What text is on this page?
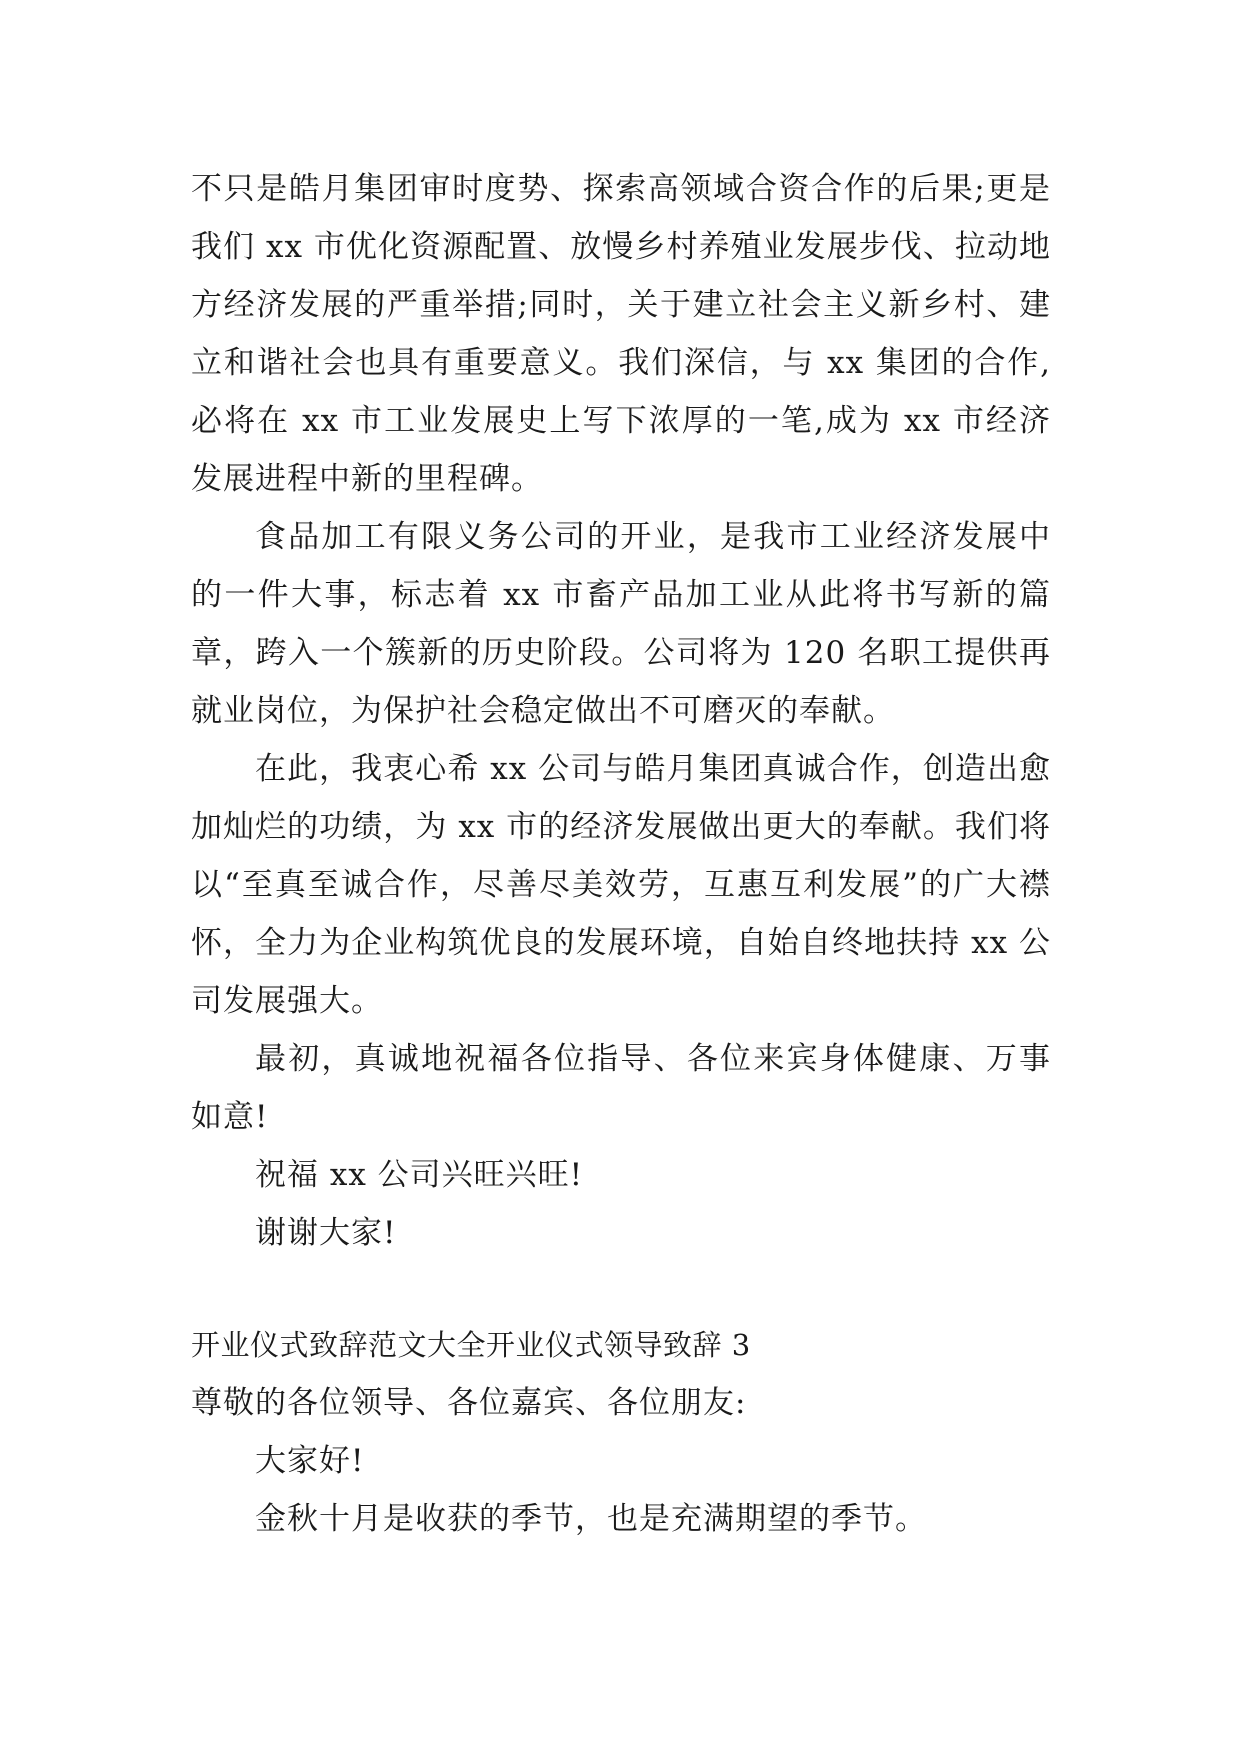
不只是皓月集团审时度势、探索高领域合资合作的后果;更是我们 xx 市优化资源配置、放慢乡村养殖业发展步伐、拉动地方经济发展的严重举措;同时，关于建立社会主义新乡村、建立和谐社会也具有重要意义。我们深信，与 xx 集团的合作,必将在 xx 市工业发展史上写下浓厚的一笔,成为 xx 市经济发展进程中新的里程碑。

食品加工有限义务公司的开业，是我市工业经济发展中的一件大事，标志着 xx 市畜产品加工业从此将书写新的篇章，跨入一个簇新的历史阶段。公司将为 120 名职工提供再就业岗位，为保护社会稳定做出不可磨灭的奉献。

在此，我衷心希 xx 公司与皓月集团真诚合作，创造出愈加灿烂的功绩，为 xx 市的经济发展做出更大的奉献。我们将以“至真至诚合作，尽善尽美效劳，互惠互利发展”的广大襟怀，全力为企业构筑优良的发展环境，自始自终地扶持 xx 公司发展强大。

最初，真诚地祝福各位指导、各位来宾身体健康、万事如意!

祝福 xx 公司兴旺兴旺!

谢谢大家!

开业仪式致辞范文大全开业仪式领导致辞 3

尊敬的各位领导、各位嘉宾、各位朋友:

大家好!

金秋十月是收获的季节，也是充满期望的季节。
